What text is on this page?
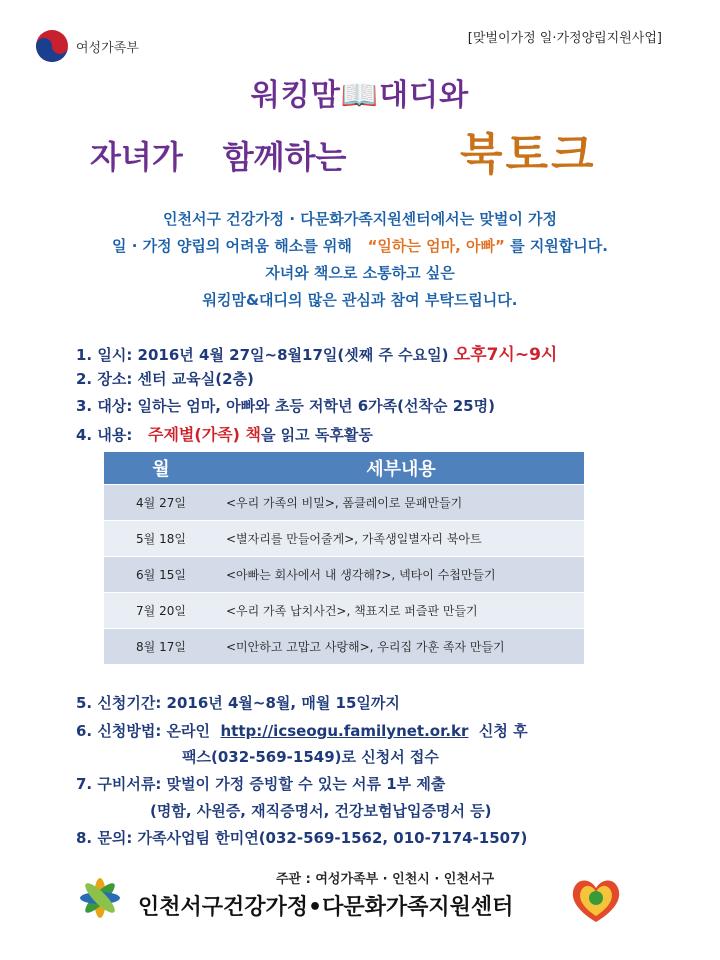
여성가족부
[맞벌이가정 일·가정양립지원사업]
워킹맘📖대디와
자녀가 함께하는	북토크
인천서구 건강가정 · 다문화가족지원센터에서는 맞벌이 가정
일 · 가정 양립의 어려움 해소를 위해 “일하는 엄마, 아빠” 를 지원합니다.
자녀와 책으로 소통하고 싶은
워킹맘&대디의 많은 관심과 참여 부탁드립니다.
1. 일시: 2016년 4월 27일~8월17일(셋째 주 수요일) 오후7시~9시
2. 장소: 센터 교육실(2층)
3. 대상: 일하는 엄마, 아빠와 초등 저학년 6가족(선착순 25명)
4. 내용: 주제별(가족) 책을 읽고 독후활동
월	세부내용
4월 27일	<우리 가족의 비밀>, 폼클레이로 문패만들기
5월 18일	<별자리를 만들어줄게>, 가족생일별자리 북아트
6월 15일	<아빠는 회사에서 내 생각해?>, 넥타이 수첩만들기
7월 20일	<우리 가족 납치사건>, 책표지로 퍼즐판 만들기
8월 17일	<미안하고 고맙고 사랑해>, 우리집 가훈 족자 만들기
5. 신청기간: 2016년 4월~8월, 매월 15일까지
6. 신청방법: 온라인 http://icseogu.familynet.or.kr 신청 후
팩스(032-569-1549)로 신청서 접수
7. 구비서류: 맞벌이 가정 증빙할 수 있는 서류 1부 제출
(명함, 사원증, 재직증명서, 건강보험납입증명서 등)
8. 문의: 가족사업팀 한미연(032-569-1562, 010-7174-1507)
주관 : 여성가족부 · 인천시 · 인천서구
인천서구건강가정•다문화가족지원센터
